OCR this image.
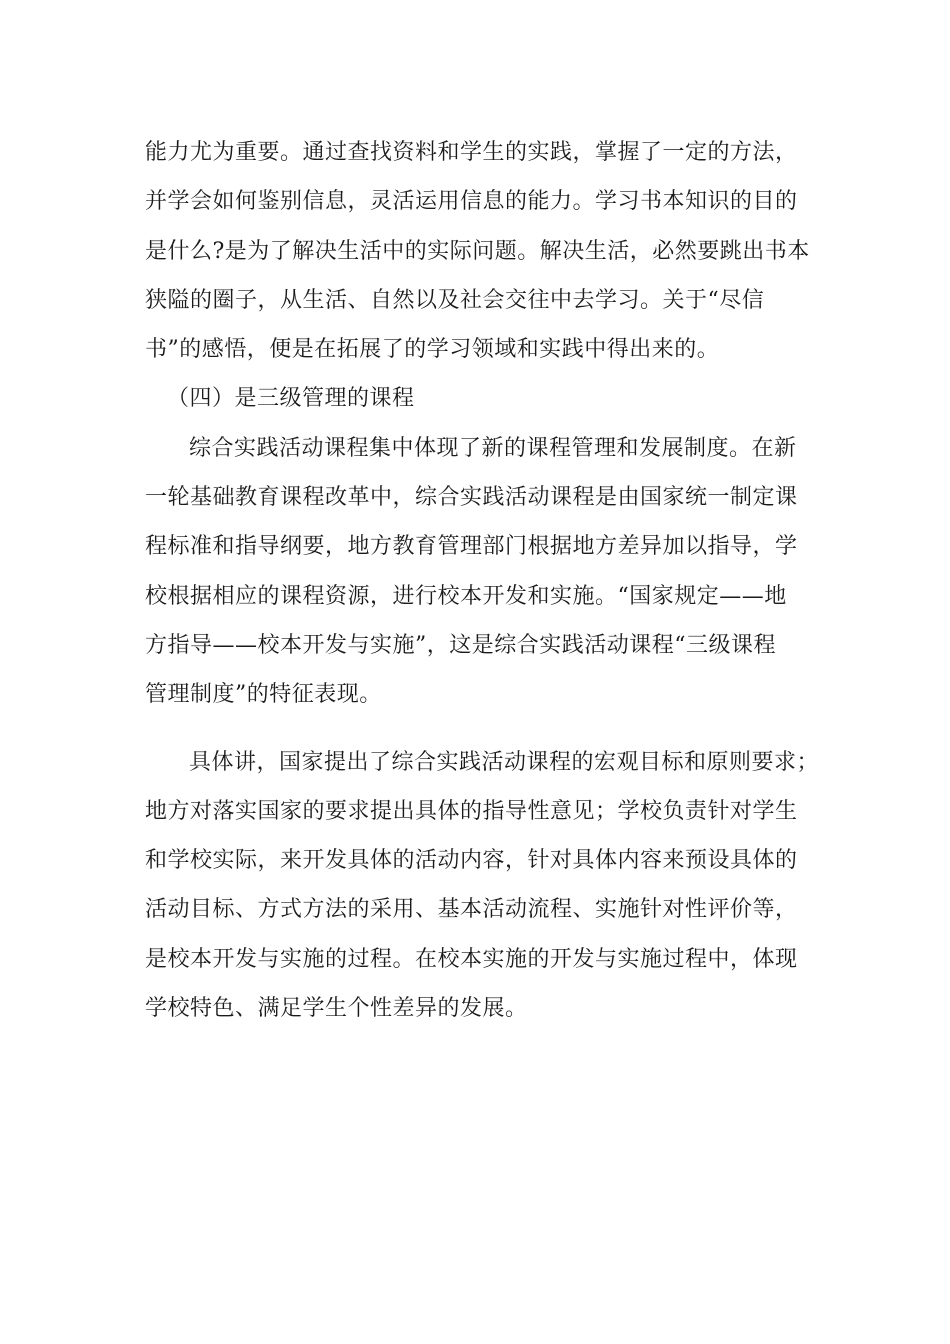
能力尤为重要。通过查找资料和学生的实践，掌握了一定的方法，
并学会如何鉴别信息，灵活运用信息的能力。学习书本知识的目的
是什么?是为了解决生活中的实际问题。解决生活，必然要跳出书本
狭隘的圈子，从生活、自然以及社会交往中去学习。关于“尽信
书”的感悟，便是在拓展了的学习领域和实践中得出来的。
（四）是三级管理的课程
综合实践活动课程集中体现了新的课程管理和发展制度。在新
一轮基础教育课程改革中，综合实践活动课程是由国家统一制定课
程标准和指导纲要，地方教育管理部门根据地方差异加以指导，学
校根据相应的课程资源，进行校本开发和实施。“国家规定——地
方指导——校本开发与实施”，这是综合实践活动课程“三级课程
管理制度”的特征表现。
具体讲，国家提出了综合实践活动课程的宏观目标和原则要求；
地方对落实国家的要求提出具体的指导性意见；学校负责针对学生
和学校实际，来开发具体的活动内容，针对具体内容来预设具体的
活动目标、方式方法的采用、基本活动流程、实施针对性评价等，
是校本开发与实施的过程。在校本实施的开发与实施过程中，体现
学校特色、满足学生个性差异的发展。
